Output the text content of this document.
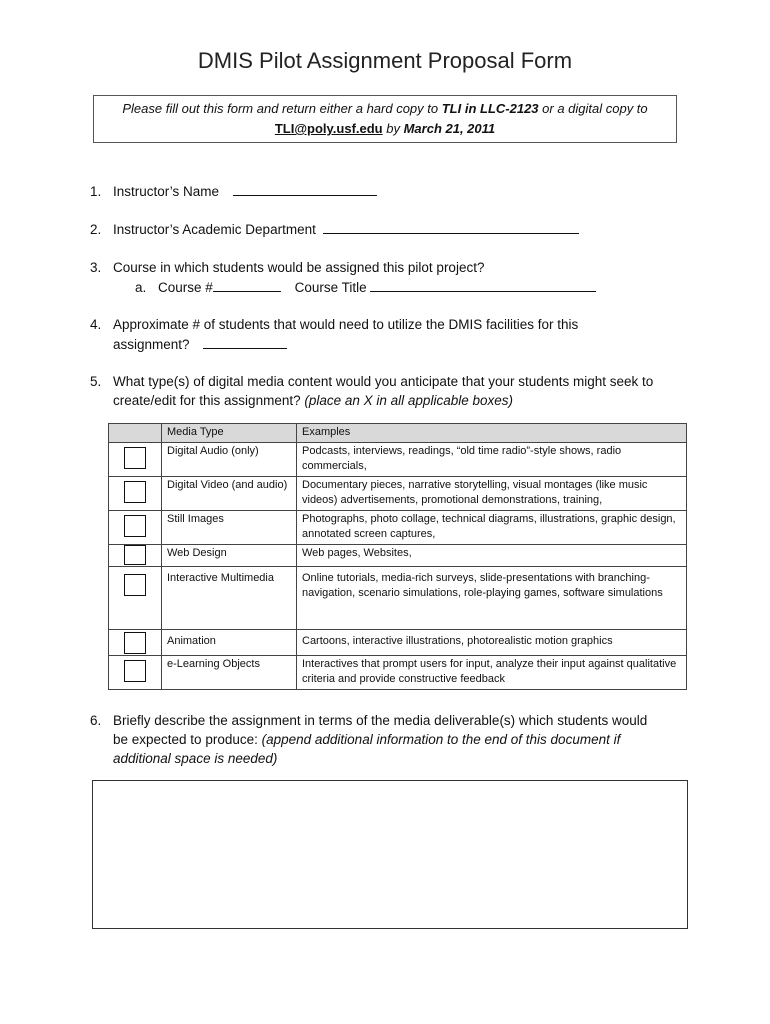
DMIS Pilot Assignment Proposal Form
Please fill out this form and return either a hard copy to TLI in LLC-2123 or a digital copy to
TLI@poly.usf.edu by March 21, 2011
1. Instructor’s Name
2. Instructor’s Academic Department
3. Course in which students would be assigned this pilot project?
a. Course #	Course Title
4. Approximate # of students that would need to utilize the DMIS facilities for this
assignment?
5. What type(s) of digital media content would you anticipate that your students might seek to
create/edit for this assignment? (place an X in all applicable boxes)
	Media Type	Examples

	Digital Audio (only)	Podcasts, interviews, readings, “old time radio”-style shows, radio commercials,

	Digital Video (and audio)	Documentary pieces, narrative storytelling, visual montages (like music videos) advertisements, promotional demonstrations, training,

	Still Images	Photographs, photo collage, technical diagrams, illustrations, graphic design, annotated screen captures,

	Web Design	Web pages, Websites,

	Interactive Multimedia	Online tutorials, media-rich surveys, slide-presentations with branching-navigation, scenario simulations, role-playing games, software simulations

	Animation	Cartoons, interactive illustrations, photorealistic motion graphics

	e-Learning Objects	Interactives that prompt users for input, analyze their input against qualitative criteria and provide constructive feedback
6. Briefly describe the assignment in terms of the media deliverable(s) which students would
be expected to produce: (append additional information to the end of this document if
additional space is needed)
